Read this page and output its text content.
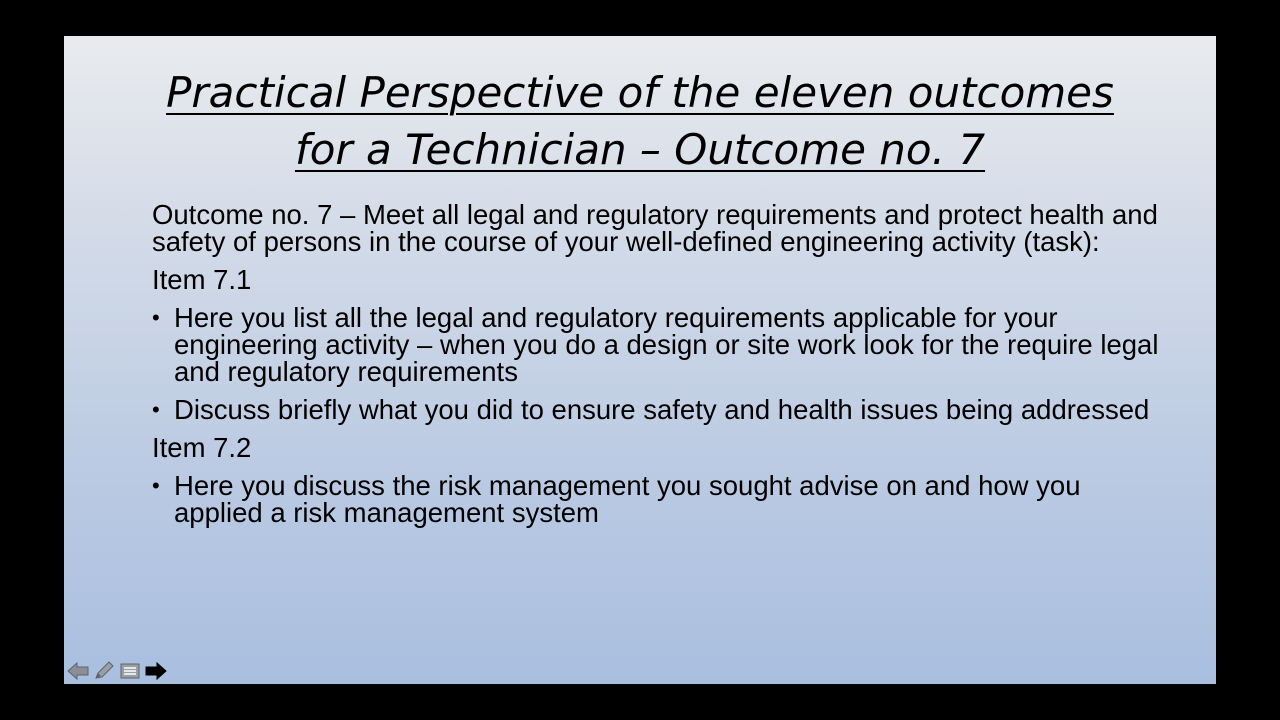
Practical Perspective of the eleven outcomes
for a Technician – Outcome no. 7
Outcome no. 7 – Meet all legal and regulatory requirements and protect health and safety of persons in the course of your well-defined engineering activity (task):
Item 7.1
• Here you list all the legal and regulatory requirements applicable for your engineering activity – when you do a design or site work look for the require legal and regulatory requirements
• Discuss briefly what you did to ensure safety and health issues being addressed
Item 7.2
• Here you discuss the risk management you sought advise on and how you applied a risk management system
